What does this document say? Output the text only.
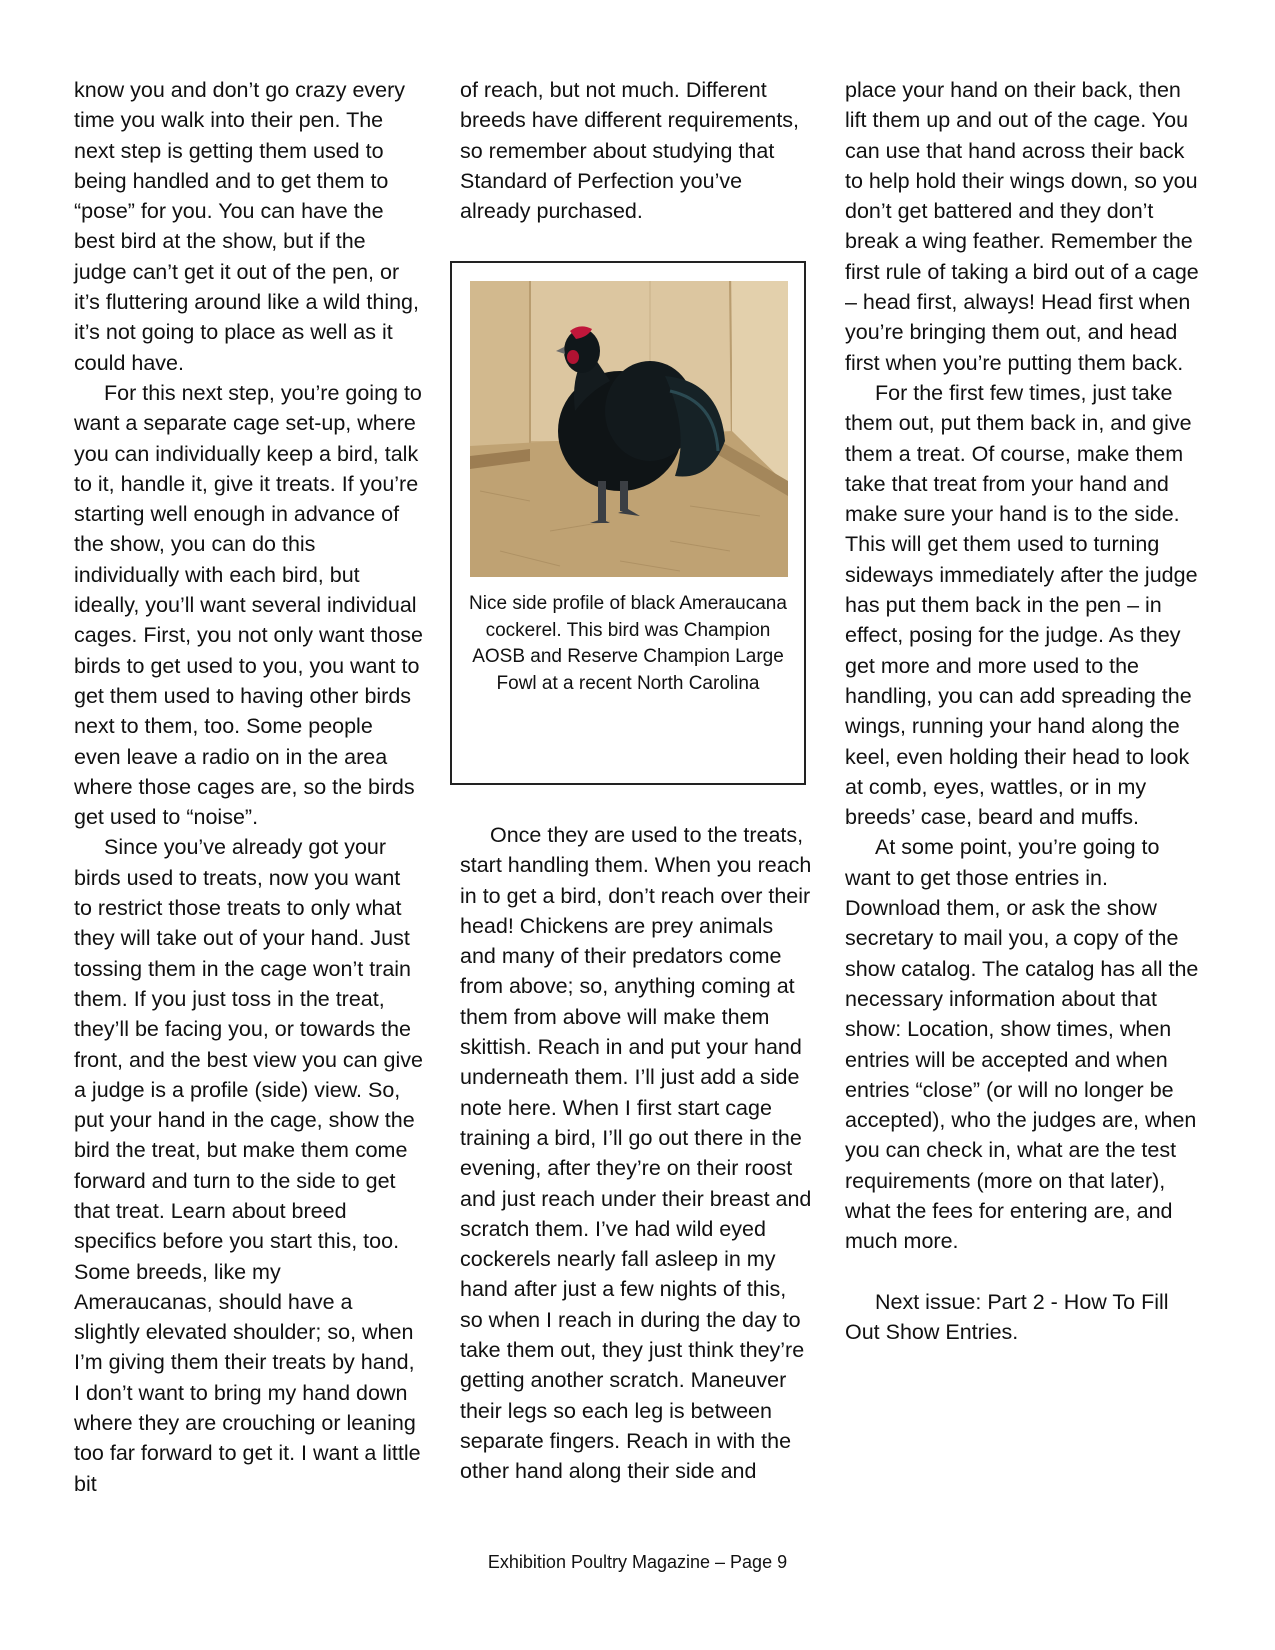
know you and don’t go crazy every time you walk into their pen. The next step is getting them used to being handled and to get them to “pose” for you. You can have the best bird at the show, but if the judge can’t get it out of the pen, or it’s fluttering around like a wild thing, it’s not going to place as well as it could have.

For this next step, you’re going to want a separate cage set-up, where you can individually keep a bird, talk to it, handle it, give it treats. If you’re starting well enough in advance of the show, you can do this individually with each bird, but ideally, you’ll want several individual cages. First, you not only want those birds to get used to you, you want to get them used to having other birds next to them, too. Some people even leave a radio on in the area where those cages are, so the birds get used to “noise”.

Since you’ve already got your birds used to treats, now you want to restrict those treats to only what they will take out of your hand. Just tossing them in the cage won’t train them. If you just toss in the treat, they’ll be facing you, or towards the front, and the best view you can give a judge is a profile (side) view. So, put your hand in the cage, show the bird the treat, but make them come forward and turn to the side to get that treat. Learn about breed specifics before you start this, too. Some breeds, like my Ameraucanas, should have a slightly elevated shoulder; so, when I’m giving them their treats by hand, I don’t want to bring my hand down where they are crouching or leaning too far forward to get it. I want a little bit

of reach, but not much. Different breeds have different requirements, so remember about studying that Standard of Perfection you’ve already purchased.

Nice side profile of black Ameraucana cockerel. This bird was Champion AOSB and Reserve Champion Large Fowl at a recent North Carolina

Once they are used to the treats, start handling them. When you reach in to get a bird, don’t reach over their head! Chickens are prey animals and many of their predators come from above; so, anything coming at them from above will make them skittish. Reach in and put your hand underneath them. I’ll just add a side note here. When I first start cage training a bird, I’ll go out there in the evening, after they’re on their roost and just reach under their breast and scratch them. I’ve had wild eyed cockerels nearly fall asleep in my hand after just a few nights of this, so when I reach in during the day to take them out, they just think they’re getting another scratch. Maneuver their legs so each leg is between separate fingers. Reach in with the other hand along their side and

place your hand on their back, then lift them up and out of the cage. You can use that hand across their back to help hold their wings down, so you don’t get battered and they don’t break a wing feather. Remember the first rule of taking a bird out of a cage – head first, always! Head first when you’re bringing them out, and head first when you’re putting them back.

For the first few times, just take them out, put them back in, and give them a treat. Of course, make them take that treat from your hand and make sure your hand is to the side. This will get them used to turning sideways immediately after the judge has put them back in the pen – in effect, posing for the judge. As they get more and more used to the handling, you can add spreading the wings, running your hand along the keel, even holding their head to look at comb, eyes, wattles, or in my breeds’ case, beard and muffs.

At some point, you’re going to want to get those entries in. Download them, or ask the show secretary to mail you, a copy of the show catalog. The catalog has all the necessary information about that show: Location, show times, when entries will be accepted and when entries “close” (or will no longer be accepted), who the judges are, when you can check in, what are the test requirements (more on that later), what the fees for entering are, and much more.

Next issue: Part 2 - How To Fill Out Show Entries.

Exhibition Poultry Magazine – Page 9
